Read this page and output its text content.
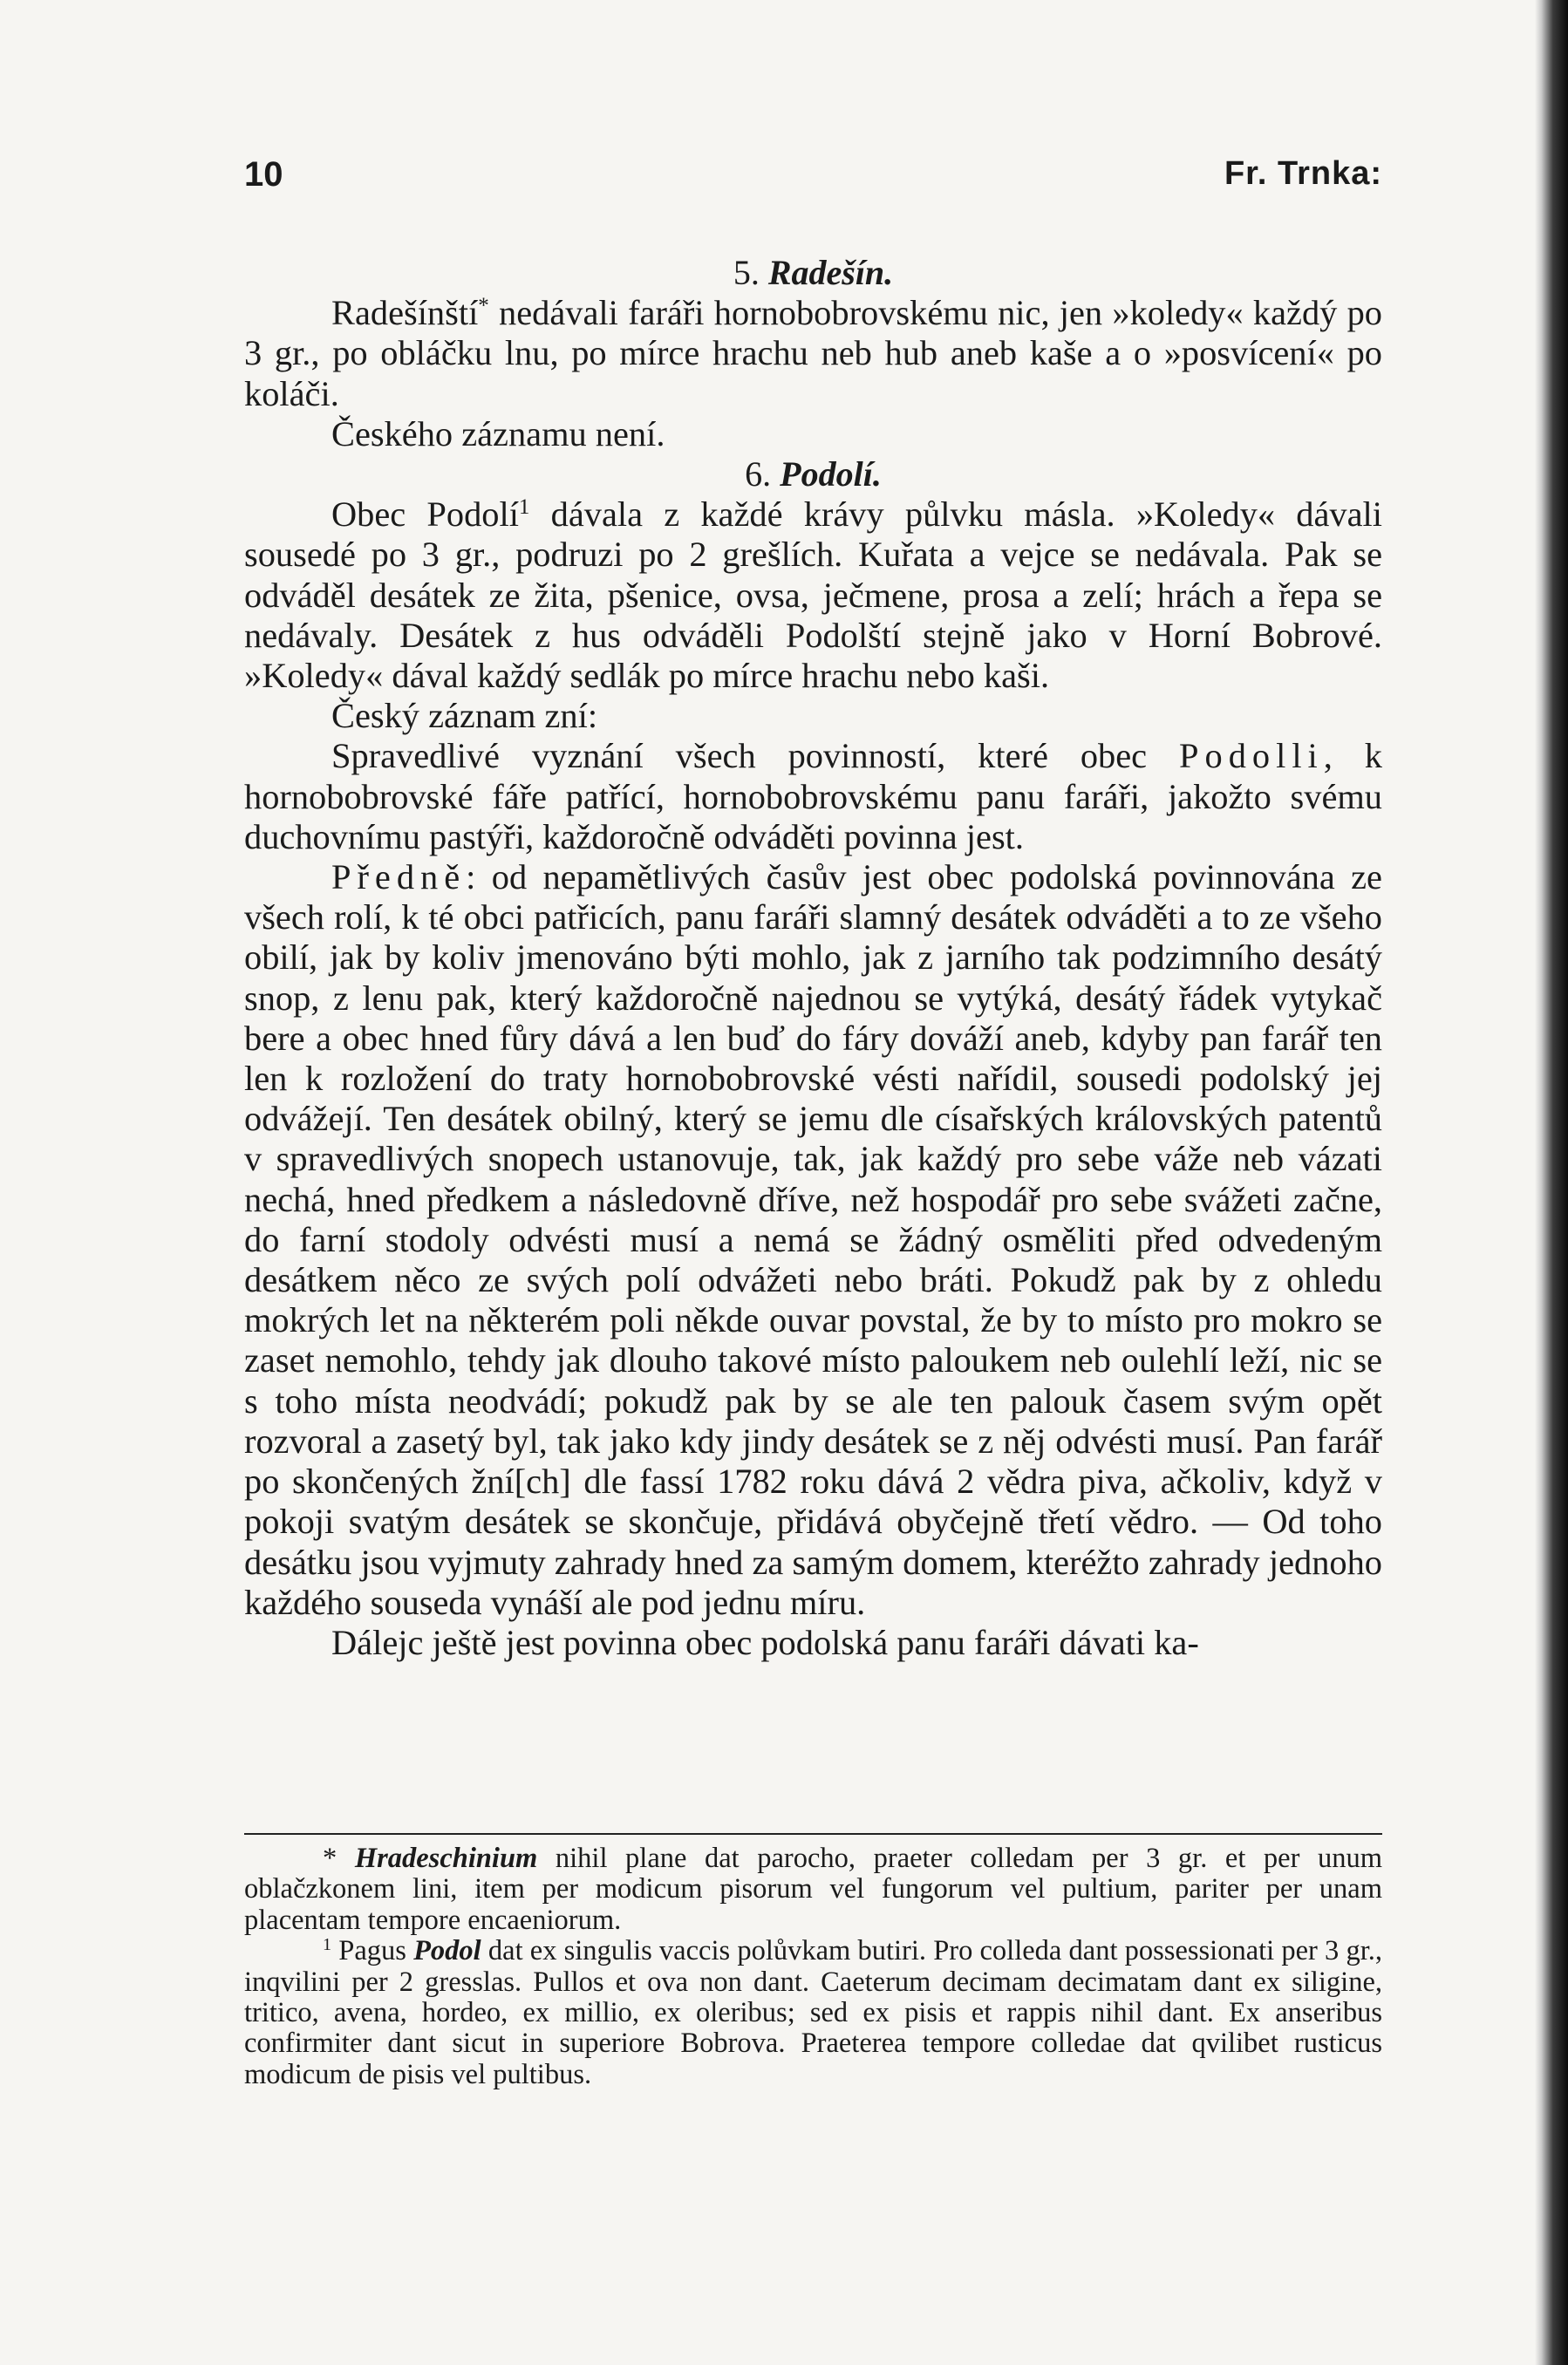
10	Fr. Trnka:

5. Radešín.

Radešínští* nedávali faráři hornobobrovskému nic, jen »koledy« každý po 3 gr., po obláčku lnu, po mírce hrachu neb hub aneb kaše a o »posvícení« po koláči.

Českého záznamu není.

6. Podolí.

Obec Podolí$^1$ dávala z každé krávy půlvku másla. »Koledy« dávali sousedé po 3 gr., podruzi po 2 grešlích. Kuřata a vejce se nedávala. Pak se odváděl desátek ze žita, pšenice, ovsa, ječmene, prosa a zelí; hrách a řepa se nedávaly. Desátek z hus odváděli Podolští stejně jako v Horní Bobrové. »Koledy« dával každý sedlák po mírce hrachu nebo kaši.

Český záznam zní:

Spravedlivé vyznání všech povinností, které obec Podolli, k hornobobrovské fáře patřící, hornobobrovskému panu faráři, jakožto svému duchovnímu pastýři, každoročně odváděti povinna jest.

Předně: od nepamětlivých časův jest obec podolská povinnována ze všech rolí, k té obci patřicích, panu faráři slamný desátek odváděti a to ze všeho obilí, jak by koliv jmenováno býti mohlo, jak z jarního tak podzimního desátý snop, z lenu pak, který každoročně najednou se vytýká, desátý řádek vytykač bere a obec hned fůry dává a len buď do fáry dováží aneb, kdyby pan farář ten len k rozložení do traty hornobobrovské vésti nařídil, sousedi podolský jej odvážejí. Ten desátek obilný, který se jemu dle císařských královských patentů v spravedlivých snopech ustanovuje, tak, jak každý pro sebe váže neb vázati nechá, hned předkem a následovně dříve, než hospodář pro sebe svážeti začne, do farní stodoly odvésti musí a nemá se žádný osměliti před odvedeným desátkem něco ze svých polí odvážeti nebo bráti. Pokudž pak by z ohledu mokrých let na některém poli někde ouvar povstal, že by to místo pro mokro se zaset nemohlo, tehdy jak dlouho takové místo paloukem neb oulehlí leží, nic se s toho místa neodvádí; pokudž pak by se ale ten palouk časem svým opět rozvoral a zasetý byl, tak jako kdy jindy desátek se z něj odvésti musí. Pan farář po skončených žní[ch] dle fassí 1782 roku dává 2 vědra piva, ačkoliv, když v pokoji svatým desátek se skončuje, přidává obyčejně třetí vědro. — Od toho desátku jsou vyjmuty zahrady hned za samým domem, kteréžto zahrady jednoho každého souseda vynáší ale pod jednu míru.

Dálejc ještě jest povinna obec podolská panu faráři dávati ka-

* Hradeschinium nihil plane dat parocho, praeter colledam per 3 gr. et per unum oblačzkonem lini, item per modicum pisorum vel fungorum vel pultium, pariter per unam placentam tempore encaeniorum.

$^1$ Pagus Podol dat ex singulis vaccis polůvkam butiri. Pro colleda dant possessionati per 3 gr., inqvilini per 2 gresslas. Pullos et ova non dant. Caeterum decimam decimatam dant ex siligine, tritico, avena, hordeo, ex millio, ex oleribus; sed ex pisis et rappis nihil dant. Ex anseribus confirmiter dant sicut in superiore Bobrova. Praeterea tempore colledae dat qvilibet rusticus modicum de pisis vel pultibus.
